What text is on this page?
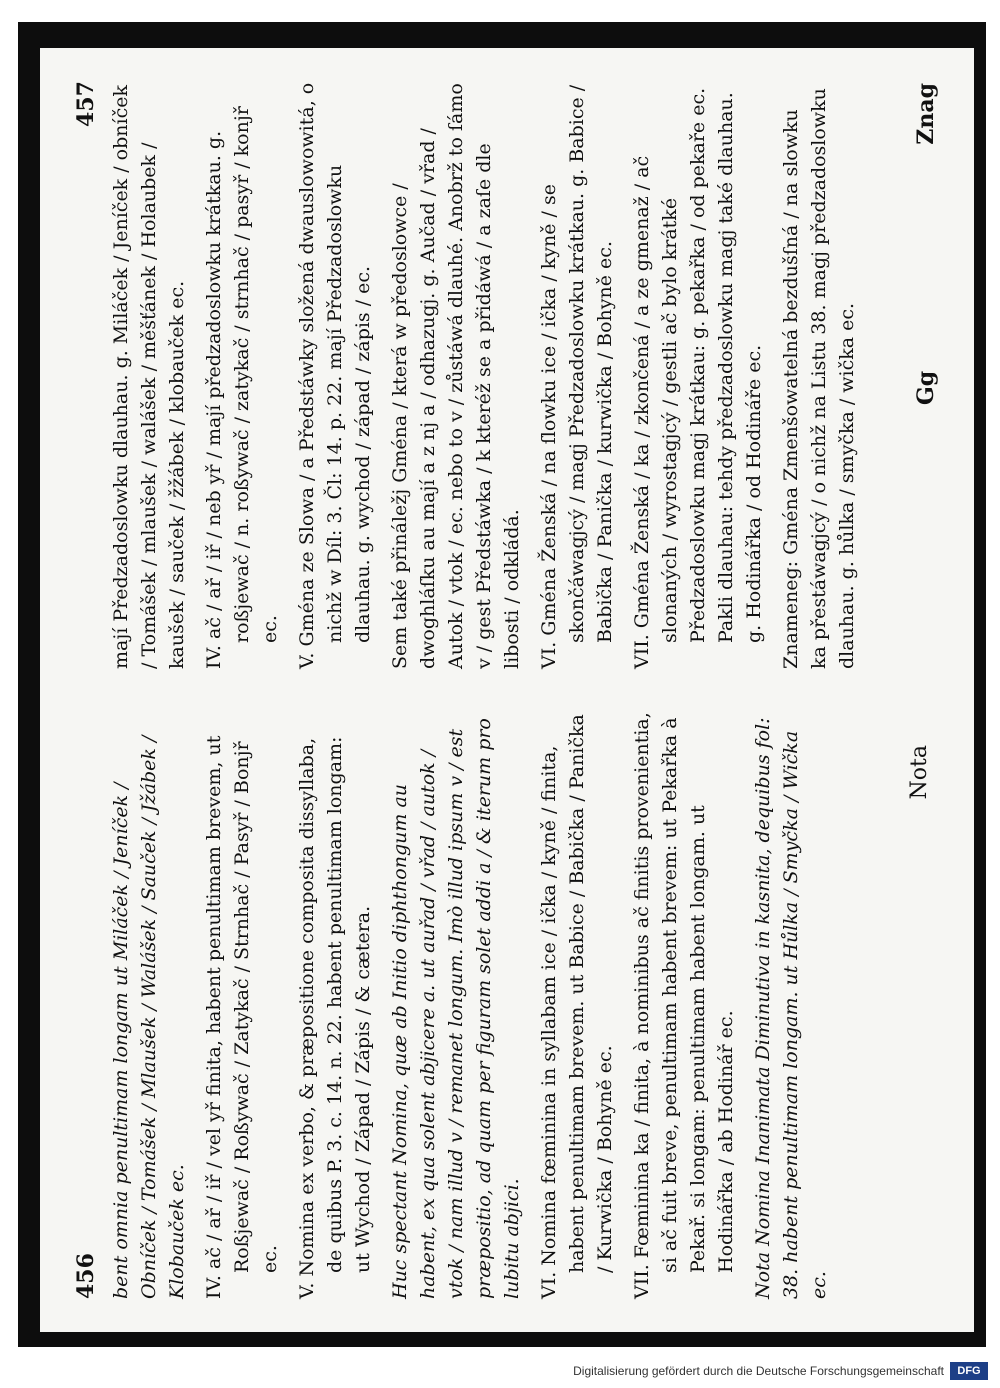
456 bent omnia penultimam longam ut Miláček / Jeníček / Obníček / Tomášek / Mlaušek / Walášek / Sauček / Jžábek / Klobauček ec. IV. ač / ař / iř / vel yř finita, habent penultimam brevem, ut Roßjewač / Roßywač / Zatykač / Strnhač / Pasyř / Bonjř ec. V. Nomina ex verbo, & præpositione composita dissyllaba, de quibus P. 3. c. 14. n. 22. habent penultimam longam: ut Wychod / Západ / Zápis / & cætera. Huc spectant Nomina, quæ ab Initio diphthongum au habent, ex qua solent abjicere a. ut auřad / vřad / autok / vtok / nam illud v / remanet longum. Imò illud ipsum v / est præpositio, ad quam per figuram solet addi a / & iterum pro lubitu abjici. VI. Nomina fœminina in syllabam ice / ička / kyně / finita, habent penultimam brevem. ut Babice / Babička / Panička / Kurwička / Bohyně ec. VII. Fœminina ka / finita, à nominibus ač finitis provenientia, si ač fuit breve, penultimam habent brevem: ut Pekařka à Pekař. si longam: penultimam habent longam. ut Hodinářka / ab Hodinář ec. Nota Nomina Inanimata Diminutiva in kasnita, dequibus fol: 38. habent penultimam longam. ut Hůlka / Smyčka / Wička ec.

Nota
457 mají Předzadoslowku dlauhau. g. Miláček / Jeníček / obníček / Tomášek / mlaušek / walášek / měšťánek / Holaubek / kaušek / sauček / žžábek / klobauček ec. IV. ač / ař / iř / neb yř / mají předzadoslowku krátkau. g. roßjewač / n. roßywač / zatykač / strnhač / pasyř / konjř ec. V. Gména ze Slowa / a Předstáwky složená dwauslowowitá, o nichž w Díl: 3. Čl: 14. p. 22. mají Předzadoslowku dlauhau. g. wychod / západ / zápis / ec. Sem také přináležj Gména / která w předoslowce / dwoghláſku au mají a z nj a / odhazugj. g. Aučad / vřad / Autok / vtok / ec. nebo to v / zůstáwá dlauhé. Anobrž to ſámo v / gest Předstáwka / k kteréž se a přidáwá / a zaſe dle libosti / odkládá. VI. Gména Ženská / na ſlowku ice / ička / kyně / se skončáwagjcý / magj Předzadoslowku krátkau. g. Babice / Babička / Panička / kurwička / Bohyně ec. VII. Gména Ženská / ka / zkončená / a ze gmenaž / ač slonaných / wyrostagjcý / gestli ač bylo krátké Předzadoslowku magj krátkau: g. pekařka / od pekaře ec. Pakli dlauhau: tehdy předzadoslowku magj také dlauhau. g. Hodinářka / od Hodináře ec. Znameneg: Gména Zmenšowatelná bezdušſná / na slowku ka přestáwagjcý / o nichž na Listu 38. magj předzadoslowku dlauhau. g. hůlka / smyčka / wička ec.	Gg
Znag
Digitalisierung gefördert durch die Deutsche Forschungsgemeinschaft	DFG
